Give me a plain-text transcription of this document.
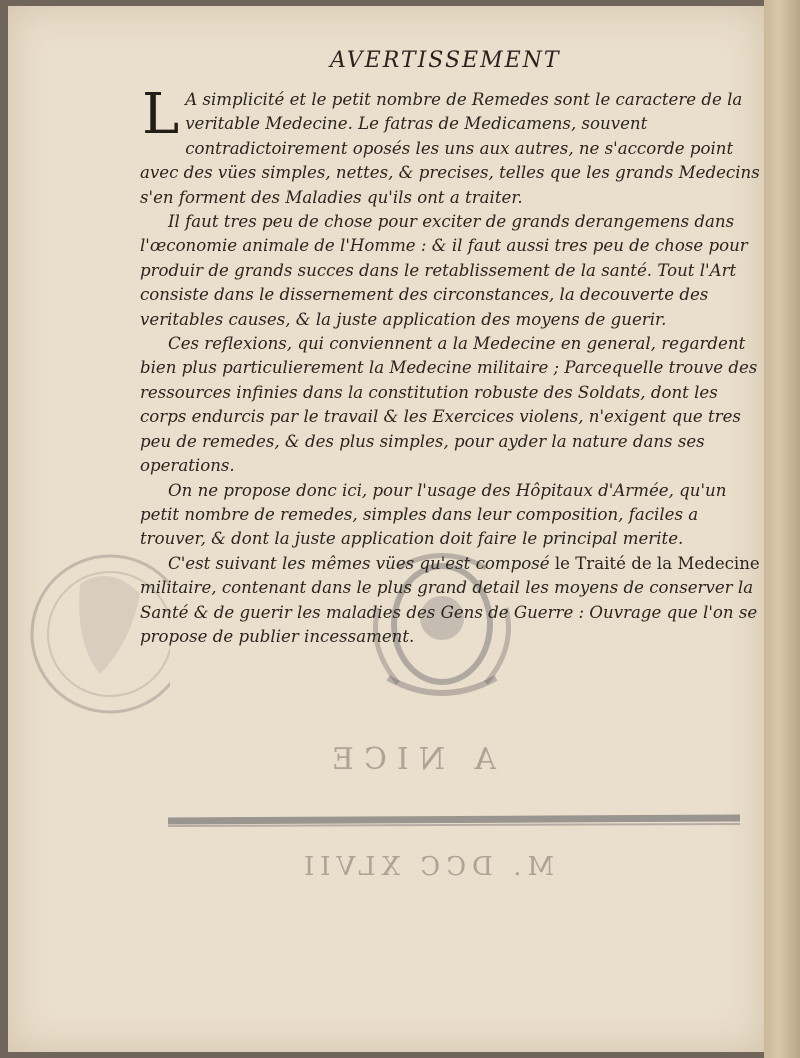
A NICE
M. DCC XLVII
AVERTISSEMENT

L A simplicité et le petit nombre de Remedes sont le caractere de la veritable Medecine. Le fatras de Medicamens, souvent contradictoirement oposés les uns aux autres, ne s'accorde point avec des vües simples, nettes, & precises, telles que les grands Medecins s'en forment des Maladies qu'ils ont a traiter.

Il faut tres peu de chose pour exciter de grands derangemens dans l'œconomie animale de l'Homme : & il faut aussi tres peu de chose pour produir de grands succes dans le retablissement de la santé. Tout l'Art consiste dans le dissernement des circonstances, la decouverte des veritables causes, & la juste application des moyens de guerir.

Ces reflexions, qui conviennent a la Medecine en general, regardent bien plus particulierement la Medecine militaire ; Parcequelle trouve des ressources infinies dans la constitution robuste des Soldats, dont les corps endurcis par le travail & les Exercices violens, n'exigent que tres peu de remedes, & des plus simples, pour ayder la nature dans ses operations.

On ne propose donc ici, pour l'usage des Hôpitaux d'Armée, qu'un petit nombre de remedes, simples dans leur composition, faciles a trouver, & dont la juste application doit faire le principal merite.

C'est suivant les mêmes vües qu'est composé le Traité de la Medecine militaire, contenant dans le plus grand detail les moyens de conserver la Santé & de guerir les maladies des Gens de Guerre : Ouvrage que l'on se propose de publier incessament.
